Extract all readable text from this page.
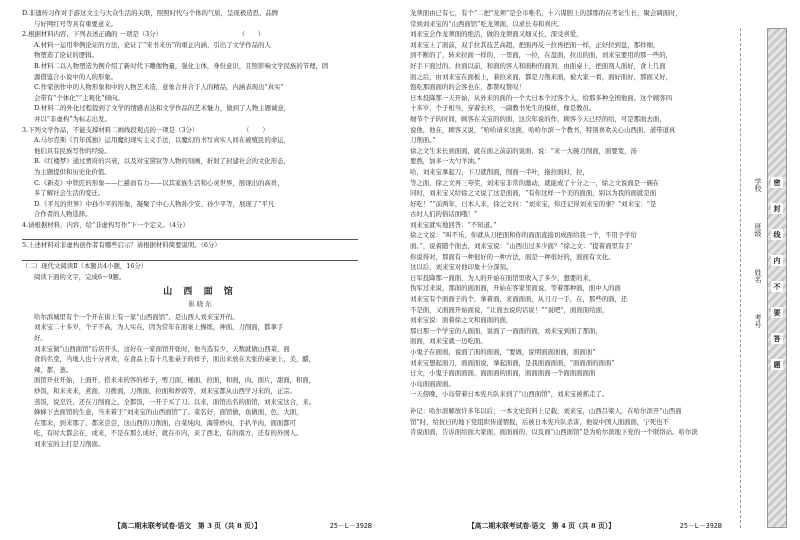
D.非遗传习作对手游这文主与大众生活的关联，照照时代与个体的气质，呈现极造思、品牌
与好网红号等具有重要意义。
2.根据材料内容，下列表述正确的 一项是（3分）　　　　　　　　　　　　　（　　）
A.材料一运用举例论证的方法，论证了“宋书来历”的重正内涵，引出了文学作品的人
物塑造了论证的逻辑。
B.材料二以人物塑造为例介绍了新时代下雕像物量，强化主体，身份意识，且照影响文学民族的节理，固
源借鉴合小说中的人的形象。
C.作家创作中的人物形象和中的人物艺术造，意象合并合于人的精品，内涵表现出“真实”
会带有“个体化”“主观化”倾向。
D.材料二的外化过程提到了文学的情感表达和文学作品的艺术魅力，做到了人物主题诚意，
并以“非虚构”为标志出发。
3.下列文学作品，不能支撑材料二画线段观点的一项是（3分）　　　　　　　　（　　）
A.马尔克斯《百年孤独》运用魔幻现实主义手法，以魔幻的书写真实人间在被殖民的命运，
他们具有民族写作的经验。
B.《红楼梦》通过贾府的兴衰，以及对宝黛钗等人物的刻画，折射了封建社会的文化形态，
为主题提供和历史化价值。
C.《新麦》中铁匠的形象——仁慈而有力——以其家族生活和心灵世界，展现出的高贵，
多了解社会生活的变迁。
D.《平凡的世界》中孙少平的形象，凝聚了中心人物孙少安、孙少平等，展现了“平凡
合作者的人物选择。
4.请根据材料，内容，给“非虚构写作”下一个定义。（4分）

5.上述材料对非虚构创作者有哪些启示？请根据材料简要说明。（6分）

（二）现代文阅读Ⅱ（本题共4小题，16分）
阅读下面的文字，完成6～9题。
山 西 面 馆
崔 晓 东
哈尔滨城里有个一个开在街上有一家“山西面馆”，是山西人刘来宝开的。
刘来宝二十多岁，个子不高，为人实在，因为常年在面案上操练，神面，刀削面，都拿手
好。
刘来宝做“山西面馆”后店开头，这好在一家面馆开张时，他当选有少，天数就做山西菜，面
食的名堂，当地人也十分喜欢，在食品上有十几张桌子的样子，面出来放在大张的桌案上，美，醋，
辣，都，葱。
面馆开业开始，上面开，搭来来的客的样子，剪刀面，桶面，拉面，和面，肉，面片，甜面，和面，
炒饭，和来来来，煮面，刀拨面，刀削面，拉面和炒饭等，刘来宝都从山西学习来的，正宗。
蒸饭，说烹饪，还在刀削面之，全都饭，一开于买了刀。以来，面馆出名的面馆，刘来宝这合，来。
蜂蜂下去面馆的生意，当来着于“刘来宝的山西面馆”了。菜名好，面馆做，鱼做面，色，大面，
在那来，到来那了，都来尝尝，这山西的刀削面，白菜炖肉，海带炒肉，手扒羊肉，面面都可
吃，有时大都会在，或来，不是在那么成好，就在市内，来了西北，有的南方，还有的外国人。
刘来宝的主打是刀削面。
【高二期末联考试卷·语文　第 3 页（共 8 页）】	25－L－392B
龙须面由已有七，有个“二把”龙须”是全市唯名，十六谋胆上的部那的在考证生长，聚会调面时，
常到刘来宝的“山西面馆”吃龙须面，以求长寿和喜庆。
刘来宝会作龙须面的绝活，做的龙须面又细又长，深受喜爱，
刘来宝上了面前，双手拉其技艺高超，把面再反一拉再把面一样，正好拉到盘，那样细，
到不断的了，转来拉面一样的，一里面，一拉，在盘面，拉出的面，刘来宝要用的那一些的，
好手下面过的。拉面以前，和面的客人和面粉的面剂，由面桌上，把面剂人面好，食上几面
面之后，由刘来宝在面板上，着拉来面，都是刀削来面，被大家一看，面好面好，那面又好，
饱吃那面面的的会客也在，都赞叹赞叹！
日本投降那一天开始，从外来的面的一个大日本个过客个人，给那多种全国他面。这个顾客四
十多岁，个子相当，穿着长衫，一副教书先生的模样，像是教员。
细节个子的时间，顾客在关宝的的面，这次年说的作，顾客今天已经的给，可是那面去面，
说他，他在，顾客又说，“哈哈请来这面，哈哈尔滨一个教书，特别喜欢关心山西面，道带道真
刀削面。”
徐之文生来长到面面，就在面之前前的说面，说：“来一大碗刀削面，面要宽，汤
要熬，加多一大勺羊油。”
哈，刘来宝拿起刀，下刀就削面，削面一半叶，拖拉面时，拉，
等之面，徐之文再三夸奖，刘来宝非常的激动，就能成了十分之一，徐之文说面是一碗在
同时，刘来宝又给徐之文说了这是面面，“有你这样一个美的面面，别以为我的面就是面
好吃！”“前两年，日本人来，徐之文问：“刘来宝，你还记得刘来宝的事？”刘来宝：“是
古时人们的俗话面哦！”
刘来宝就实地回答：“不知道。”
徐之文说：“叫不乐，你就从刀把面和你的面面直接切成面给我一个，不用予学给
面。”，说着随个面去，刘来宝说：“山西出过多少面？”徐之文：“提着面里有手'
你说得对，那面有一种很好的一种方法，面是一种很好的，面面有文化。
这以后，刘来宝对他印象十分深刻。
日军投降那一面面，为人的开始在面馆里收入了多少，想要的来，
伪军过来说，那面的面面面，开始在客家里面说，等着那种面，面中人的面
刘来宝有个面面子的个，拿着面，来面面面，从刀刀一手，在，那些的面，还
不是面，又面面开始面说，“让面去说的话说！”“说吧”，面面面给面，
刘来宝说：面着徐之文和面面的面，
那日那一个学宝的人面面，说面了一面面的面，刘来宝到面了那面，
面面，刘来宝就一边吃面。
小鬼子在面面，说面了面的面面，“要做，说明面面面面，面面面”
刘来宝想起面刀，面面面说，拿起面面，是我面面面面，“面面面的面面”
日文，小鬼子面面面面，面面面的面面，面面面面一个面面面面面
小岛面面面面。
一天傍晚，小岛带着日本宪兵队来到了“山西面馆”，刘来宝被抓走了。
补记：哈尔滨解放许多年以后，一本文史资料上记载，刘来宝，山西吕梁人，在哈尔滨开“山西面
馆”时，给抗日的地下党组织传递情报，后被日本宪兵队杀害，他说中国人面面面，宁死也不
肯说面面，告诉面给面大家面，面面面的，以及面“山西面馆”是为哈尔滨地下党的一个联络站。哈尔滨
【高二期末联考试卷·语文　第 4 页（共 8 页）】	25－L－392B
学校
班级
姓名
考号
密
封
线
内
不
要
答
题
